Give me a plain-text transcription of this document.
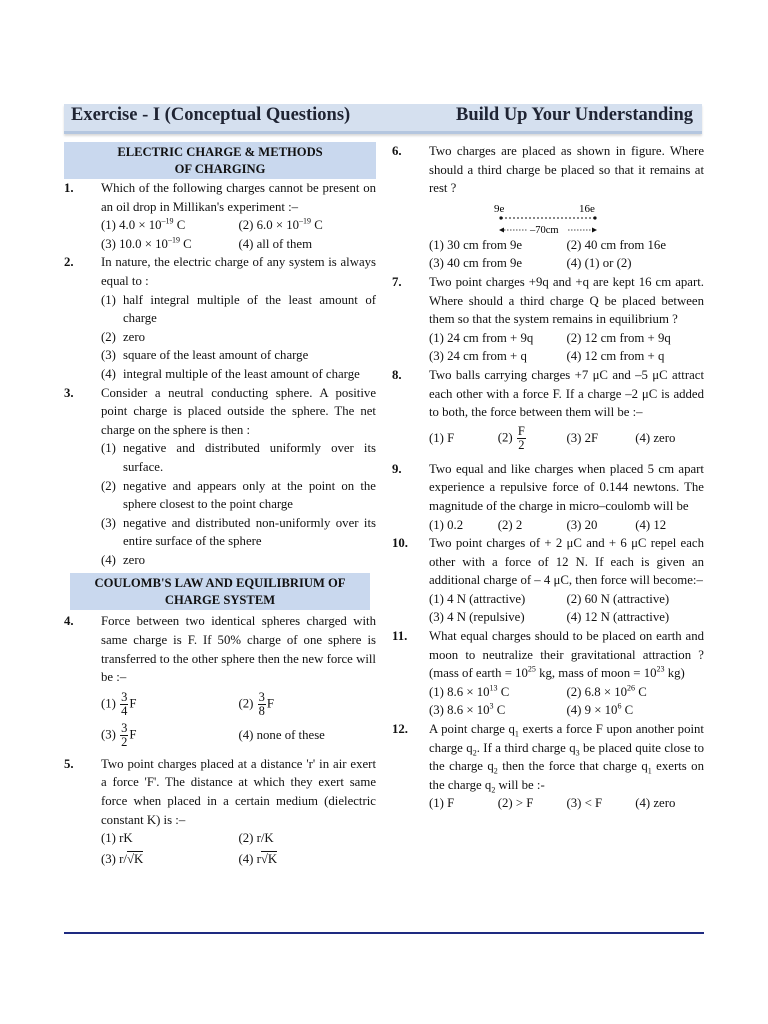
Exercise - I (Conceptual Questions)	Build Up Your Understanding
ELECTRIC CHARGE & METHODS
OF CHARGING
1.	Which of the following charges cannot be present on an oil drop in Millikan's experiment :–
(1) $4.0 \times 10^{-19}$ C	(2) $6.0 \times 10^{-19}$ C
(3) $10.0 \times 10^{-19}$ C	(4) all of them
2.	In nature, the electric charge of any system is always equal to :
(1) half integral multiple of the least amount of charge
(2) zero
(3) square of the least amount of charge
(4) integral multiple of the least amount of charge
3.	Consider a neutral conducting sphere. A positive point charge is placed outside the sphere. The net charge on the sphere is then :
(1) negative and distributed uniformly over its surface.
(2) negative and appears only at the point on the sphere closest to the point charge
(3) negative and distributed non-uniformly over its entire surface of the sphere
(4) zero
COULOMB'S LAW AND EQUILIBRIUM OF
CHARGE SYSTEM
4.	Force between two identical spheres charged with same charge is F. If 50% charge of one sphere is transferred to the other sphere then the new force will be :–
$(1) \frac{3}{4}$ F	$(2) \frac{3}{8}$ F
$(3) \frac{3}{2}$ F	(4) none of these
5.	Two point charges placed at a distance 'r' in air exert a force 'F'. The distance at which they exert same force when placed in a certain medium (dielectric constant K) is :–
(1) rK	(2) r/K
(3) r/√K	(4) r√K
6.	Two charges are placed as shown in figure. Where should a third charge be placed so that it remains at rest ?
9e	16e
–70cm
(1) 30 cm from 9e	(2) 40 cm from 16e
(3) 40 cm from 9e	(4) (1) or (2)
7.	Two point charges +9q and +q are kept 16 cm apart. Where should a third charge Q be placed between them so that the system remains in equilibrium ?
(1) 24 cm from + 9q	(2) 12 cm from + 9q
(3) 24 cm from + q	(4) 12 cm from + q
8.	Two balls carrying charges +7 μC and –5 μC attract each other with a force F. If a charge –2 μC is added to both, the force between them will be :–
(1) F	$(2) \frac{F}{2}$	(3) 2F	(4) zero
9.	Two equal and like charges when placed 5 cm apart experience a repulsive force of 0.144 newtons. The magnitude of the charge in micro–coulomb will be
(1) 0.2	(2) 2	(3) 20	(4) 12
10.	Two point charges of + 2 μC and + 6 μC repel each other with a force of 12 N. If each is given an additional charge of – 4 μC, then force will become:–
(1) 4 N (attractive)	(2) 60 N (attractive)
(3) 4 N (repulsive)	(4) 12 N (attractive)
11.	What equal charges should to be placed on earth and moon to neutralize their gravitational attraction ? (mass of earth = $10^{25}$ kg, mass of moon = $10^{23}$ kg)
(1) $8.6 \times 10^{13}$ C	(2) $6.8 \times 10^{26}$ C
(3) $8.6 \times 10^3$ C	(4) $9 \times 10^6$ C
12.	A point charge $q_1$ exerts a force F upon another point charge $q_2$. If a third charge $q_3$ be placed quite close to the charge $q_2$ then the force that charge $q_1$ exerts on the charge $q_2$ will be :-
(1) F	(2) > F	(3) < F	(4) zero
